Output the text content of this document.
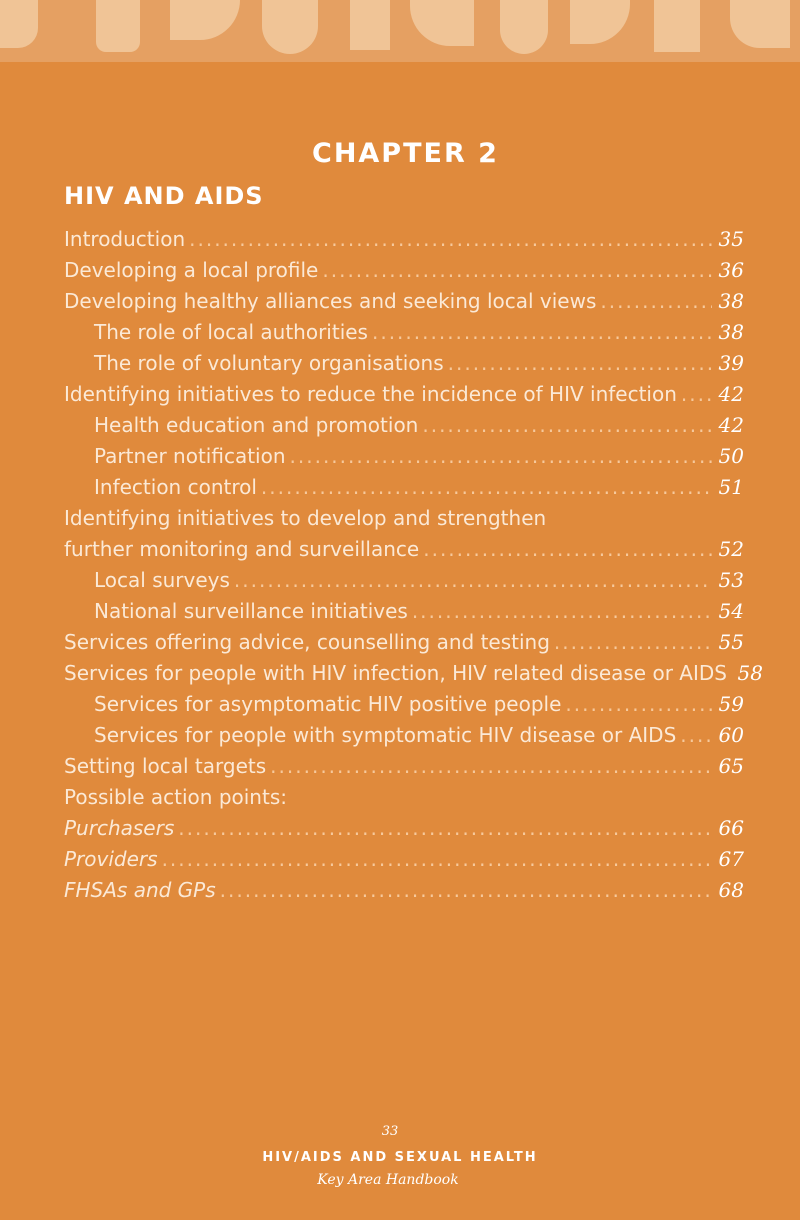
CHAPTER 2
HIV AND AIDS
Introduction .....	35
Developing a local profile .....	36
Developing healthy alliances and seeking local views .....	38
The role of local authorities .....	38
The role of voluntary organisations .....	39
Identifying initiatives to reduce the incidence of HIV infection ..... 42
Health education and promotion .....	42
Partner notification .....	50
Infection control .....	51
Identifying initiatives to develop and strengthen
further monitoring and surveillance .....	52
Local surveys .....	53
National surveillance initiatives .....	54
Services offering advice, counselling and testing .....	55
Services for people with HIV infection, HIV related disease or AIDS 58
Services for asymptomatic HIV positive people .....	59
Services for people with symptomatic HIV disease or AIDS ..... 60
Setting local targets .....	65
Possible action points:
Purchasers .....	66
Providers .....	67
FHSAs and GPs .....	68
33
HIV/AIDS AND SEXUAL HEALTH
Key Area Handbook
